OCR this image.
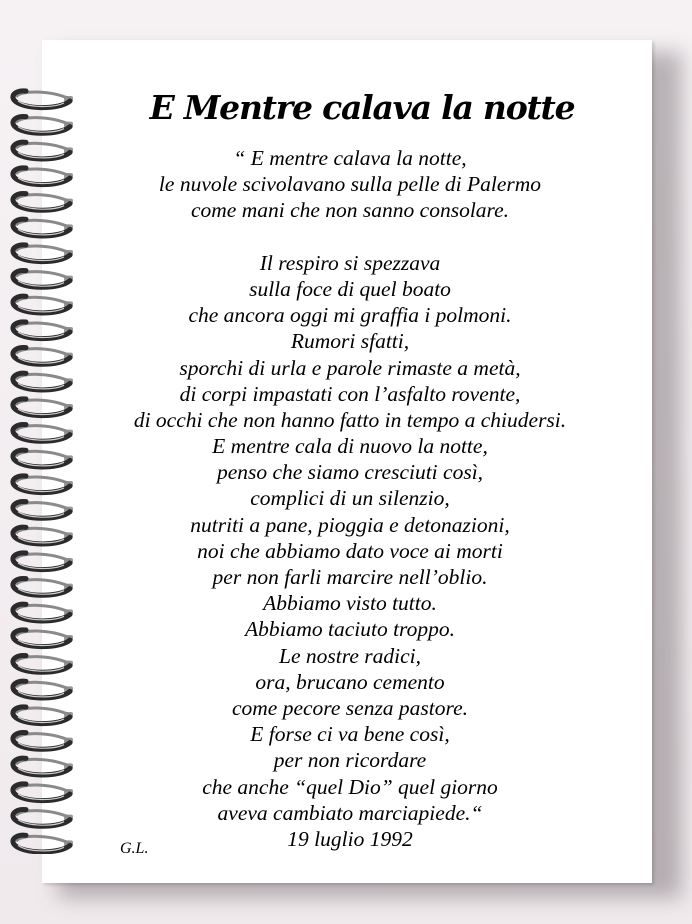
E Mentre calava la notte
“ E mentre calava la notte,
le nuvole scivolavano sulla pelle di Palermo
come mani che non sanno consolare.
Il respiro si spezzava
sulla foce di quel boato
che ancora oggi mi graffia i polmoni.
Rumori sfatti,
sporchi di urla e parole rimaste a metà,
di corpi impastati con l’asfalto rovente,
di occhi che non hanno fatto in tempo a chiudersi.
E mentre cala di nuovo la notte,
penso che siamo cresciuti così,
complici di un silenzio,
nutriti a pane, pioggia e detonazioni,
noi che abbiamo dato voce ai morti
per non farli marcire nell’oblio.
Abbiamo visto tutto.
Abbiamo taciuto troppo.
Le nostre radici,
ora, brucano cemento
come pecore senza pastore.
E forse ci va bene così,
per non ricordare
che anche “quel Dio” quel giorno
aveva cambiato marciapiede.“
19 luglio 1992
G.L.
